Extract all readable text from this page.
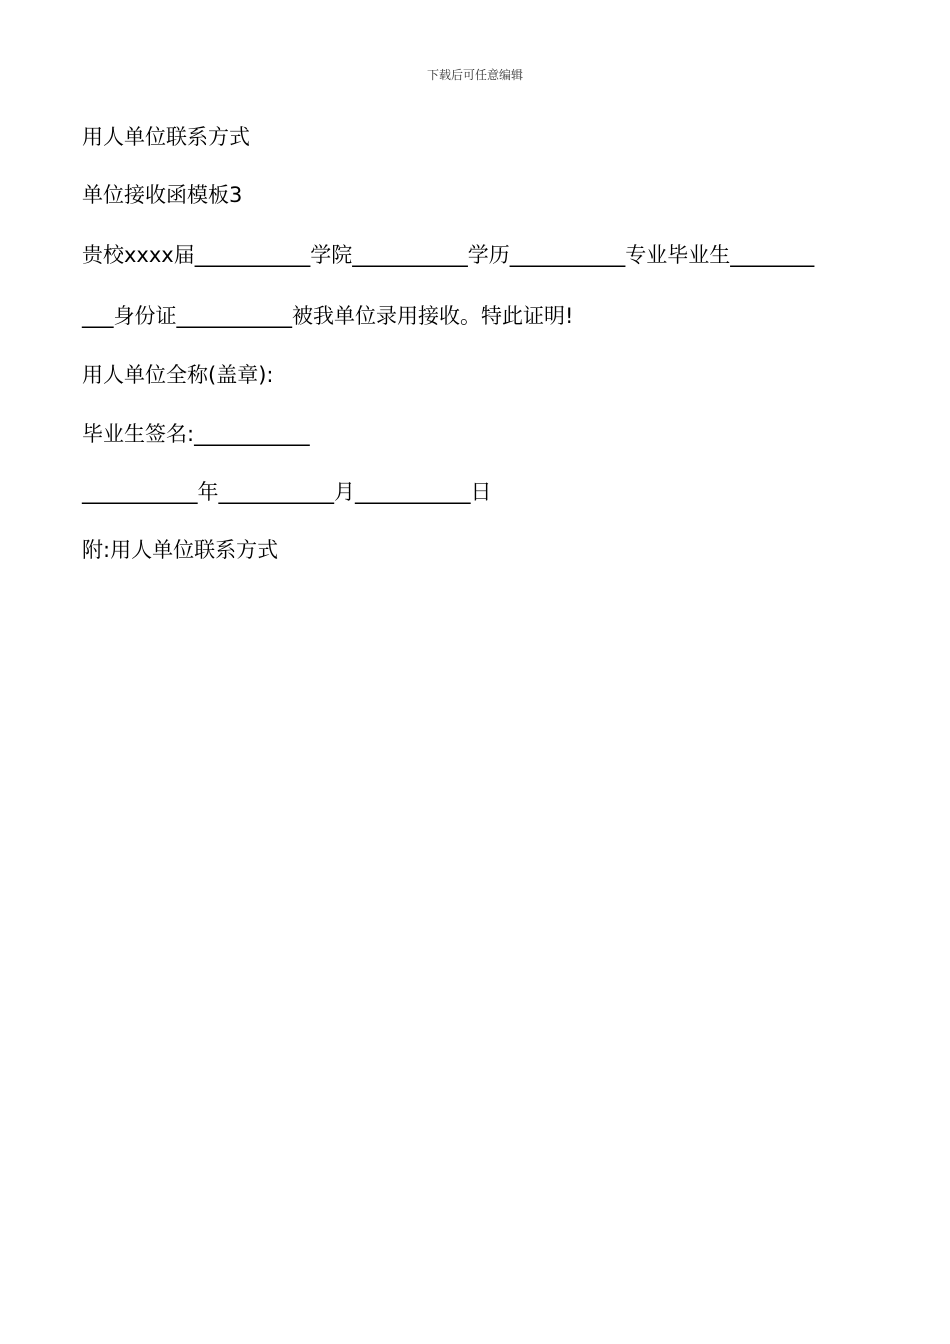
下载后可任意编辑
用人单位联系方式
单位接收函模板3
贵校xxxx届___________学院___________学历___________专业毕业生________
___身份证___________被我单位录用接收。特此证明!
用人单位全称(盖章):
毕业生签名:___________
___________年___________月___________日
附:用人单位联系方式
